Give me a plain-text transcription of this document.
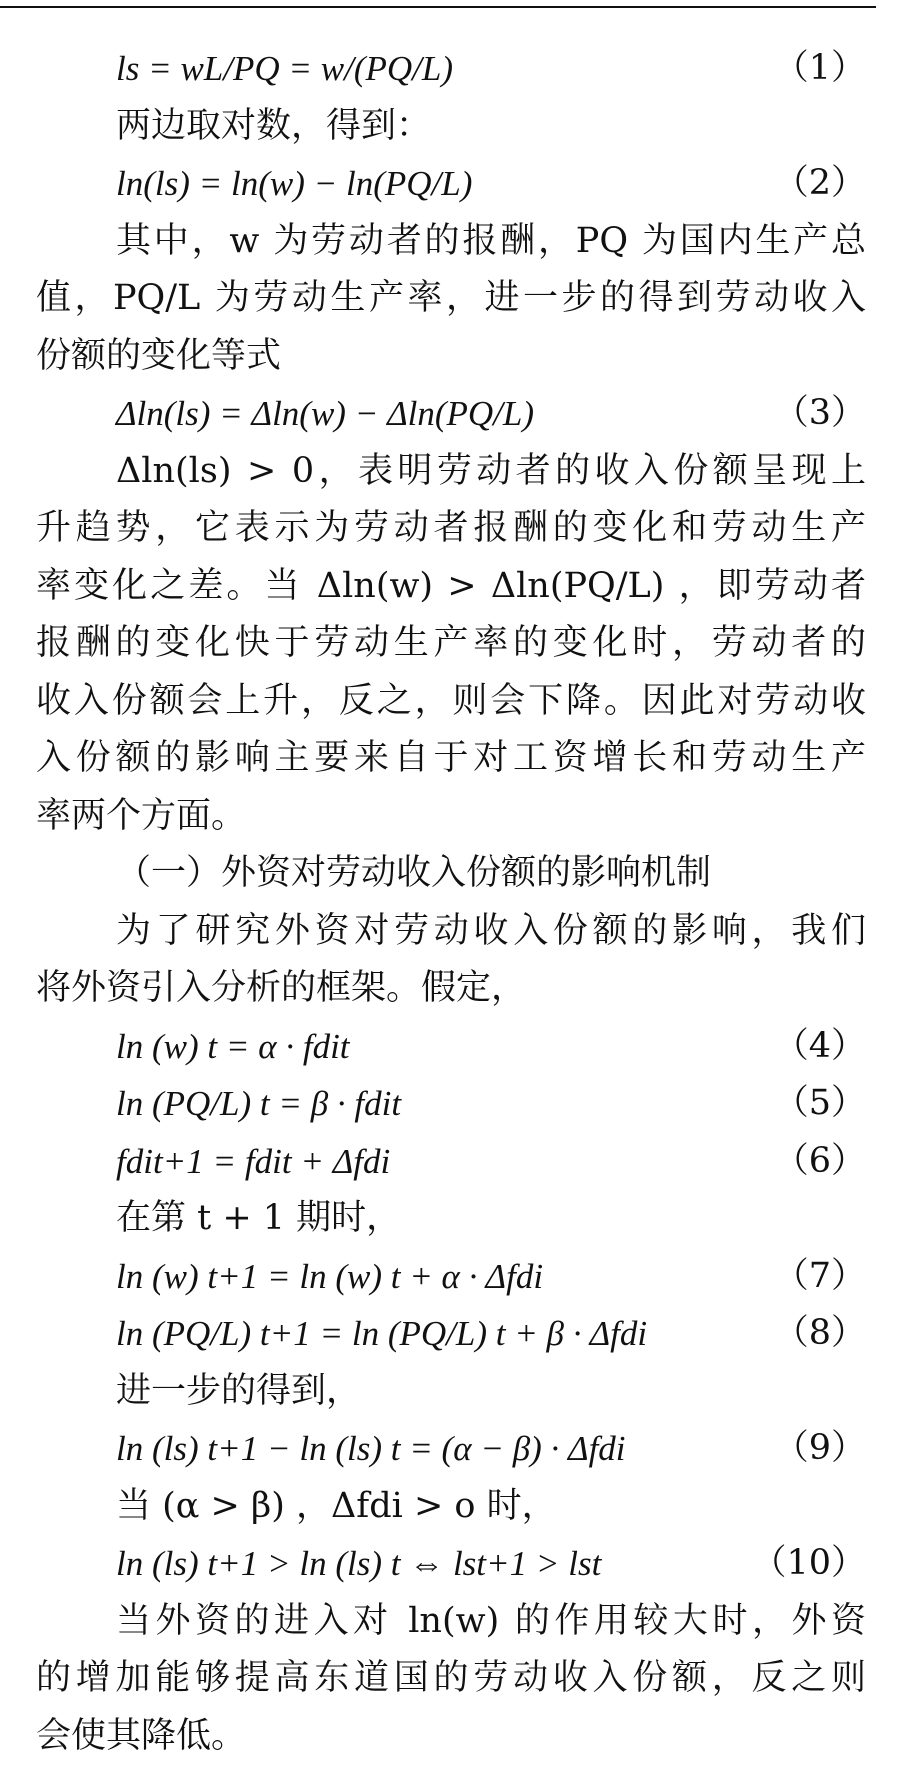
ls = wL/PQ = w/(PQ/L)	（1）
两边取对数，得到：
ln(ls) = ln(w) − ln(PQ/L)	（2）
其中，w 为劳动者的报酬，PQ 为国内生产总
值，PQ/L 为劳动生产率，进一步的得到劳动收入
份额的变化等式
Δln(ls) = Δln(w) − Δln(PQ/L)	（3）
Δln(ls) > 0，表明劳动者的收入份额呈现上
升趋势，它表示为劳动者报酬的变化和劳动生产
率变化之差。当 Δln(w) > Δln(PQ/L) ，即劳动者
报酬的变化快于劳动生产率的变化时，劳动者的
收入份额会上升，反之，则会下降。因此对劳动收
入份额的影响主要来自于对工资增长和劳动生产
率两个方面。
（一）外资对劳动收入份额的影响机制
为了研究外资对劳动收入份额的影响，我们
将外资引入分析的框架。假定，
ln (w) t = α · fdit	（4）
ln (PQ/L) t = β · fdit	（5）
fdit+1 = fdit + Δfdi	（6）
在第 t + 1 期时，
ln (w) t+1 = ln (w) t + α · Δfdi	（7）
ln (PQ/L) t+1 = ln (PQ/L) t + β · Δfdi	（8）
进一步的得到，
ln (ls) t+1 − ln (ls) t = (α − β) · Δfdi	（9）
当 (α > β) ，Δfdi > o 时，
ln (ls) t+1 > ln (ls) t ⇔ lst+1 > lst	（10）
当外资的进入对 ln(w) 的作用较大时，外资
的增加能够提高东道国的劳动收入份额，反之则
会使其降低。
